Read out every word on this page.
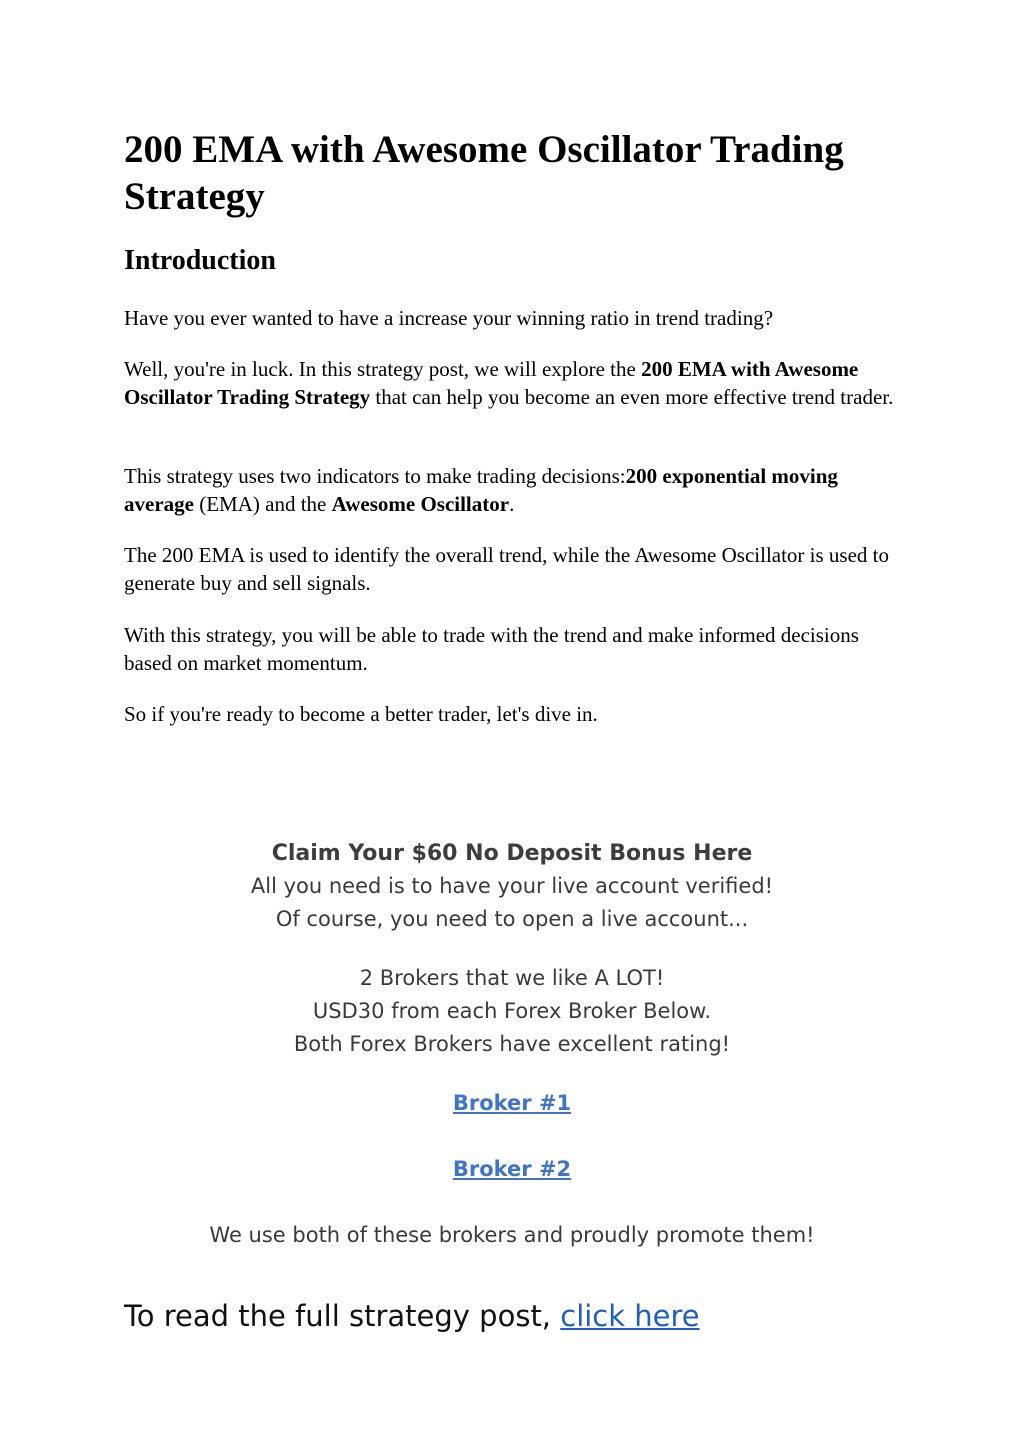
200 EMA with Awesome Oscillator Trading Strategy
Introduction

Have you ever wanted to have a increase your winning ratio in trend trading?

Well, you're in luck. In this strategy post, we will explore the 200 EMA with Awesome Oscillator Trading Strategy that can help you become an even more effective trend trader.

This strategy uses two indicators to make trading decisions:200 exponential moving average (EMA) and the Awesome Oscillator.

The 200 EMA is used to identify the overall trend, while the Awesome Oscillator is used to generate buy and sell signals.

With this strategy, you will be able to trade with the trend and make informed decisions based on market momentum.

So if you're ready to become a better trader, let's dive in.

Claim Your $60 No Deposit Bonus Here

All you need is to have your live account verified!

Of course, you need to open a live account...

2 Brokers that we like A LOT!

USD30 from each Forex Broker Below.

Both Forex Brokers have excellent rating!

Broker #1

Broker #2

We use both of these brokers and proudly promote them!

To read the full strategy post, click here
